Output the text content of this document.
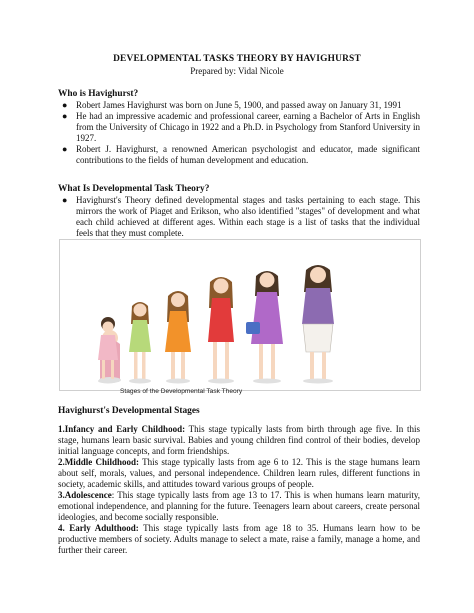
DEVELOPMENTAL TASKS THEORY BY HAVIGHURST
Prepared by: Vidal Nicole
Who is Havighurst?
● Robert James Havighurst was born on June 5, 1900, and passed away on January 31, 1991
● He had an impressive academic and professional career, earning a Bachelor of Arts in English from the University of Chicago in 1922 and a Ph.D. in Psychology from Stanford University in 1927.
● Robert J. Havighurst, a renowned American psychologist and educator, made significant contributions to the fields of human development and education.
What Is Developmental Task Theory?
● Havighurst's Theory defined developmental stages and tasks pertaining to each stage. This mirrors the work of Piaget and Erikson, who also identified "stages" of development and what each child achieved at different ages. Within each stage is a list of tasks that the individual feels that they must complete.
Stages of the Developmental Task Theory
Havighurst's Developmental Stages

1.Infancy and Early Childhood: This stage typically lasts from birth through age five. In this stage, humans learn basic survival. Babies and young children find control of their bodies, develop initial language concepts, and form friendships.

2.Middle Childhood: This stage typically lasts from age 6 to 12. This is the stage humans learn about self, morals, values, and personal independence. Children learn rules, different functions in society, academic skills, and attitudes toward various groups of people.

3.Adolescence: This stage typically lasts from age 13 to 17. This is when humans learn maturity, emotional independence, and planning for the future. Teenagers learn about careers, create personal ideologies, and become socially responsible.

4. Early Adulthood: This stage typically lasts from age 18 to 35. Humans learn how to be productive members of society. Adults manage to select a mate, raise a family, manage a home, and further their career.
